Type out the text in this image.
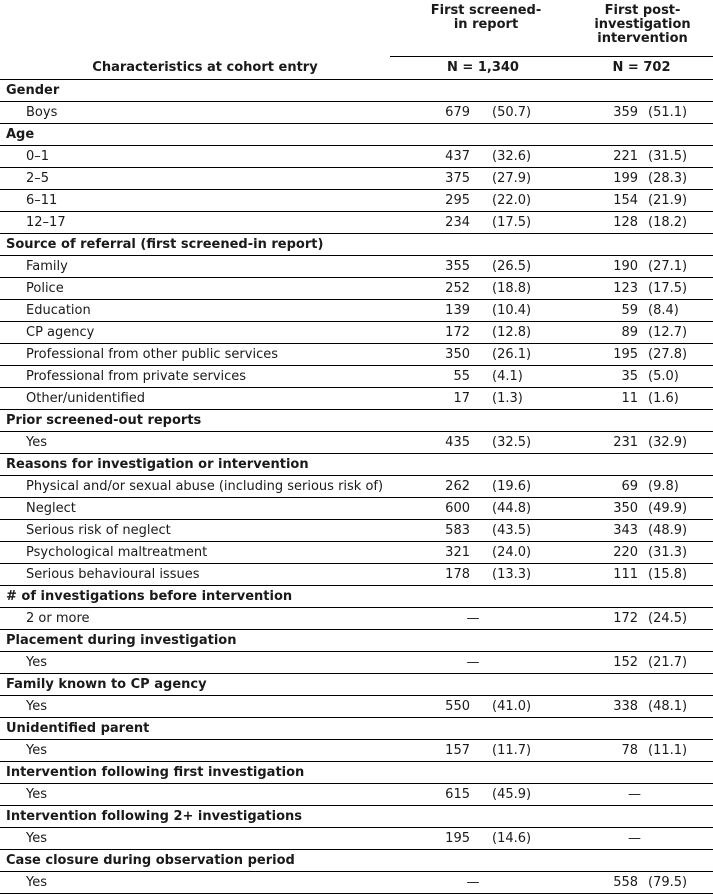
	First screened-in report		First post-investigation intervention	
Characteristics at cohort entry	N = 1,340		N = 702	
Gender				
Boys	679	(50.7)	359	(51.1)
Age				
0–1	437	(32.6)	221	(31.5)
2–5	375	(27.9)	199	(28.3)
6–11	295	(22.0)	154	(21.9)
12–17	234	(17.5)	128	(18.2)
Source of referral (first screened-in report)				
Family	355	(26.5)	190	(27.1)
Police	252	(18.8)	123	(17.5)
Education	139	(10.4)	59	(8.4)
CP agency	172	(12.8)	89	(12.7)
Professional from other public services	350	(26.1)	195	(27.8)
Professional from private services	55	(4.1)	35	(5.0)
Other/unidentified	17	(1.3)	11	(1.6)
Prior screened-out reports				
Yes	435	(32.5)	231	(32.9)
Reasons for investigation or intervention				
Physical and/or sexual abuse (including serious risk of)	262	(19.6)	69	(9.8)
Neglect	600	(44.8)	350	(49.9)
Serious risk of neglect	583	(43.5)	343	(48.9)
Psychological maltreatment	321	(24.0)	220	(31.3)
Serious behavioural issues	178	(13.3)	111	(15.8)
# of investigations before intervention				
2 or more	—		172	(24.5)
Placement during investigation				
Yes	—		152	(21.7)
Family known to CP agency				
Yes	550	(41.0)	338	(48.1)
Unidentified parent				
Yes	157	(11.7)	78	(11.1)
Intervention following first investigation				
Yes	615	(45.9)	—	
Intervention following 2+ investigations				
Yes	195	(14.6)	—	
Case closure during observation period				
Yes	—		558	(79.5)
